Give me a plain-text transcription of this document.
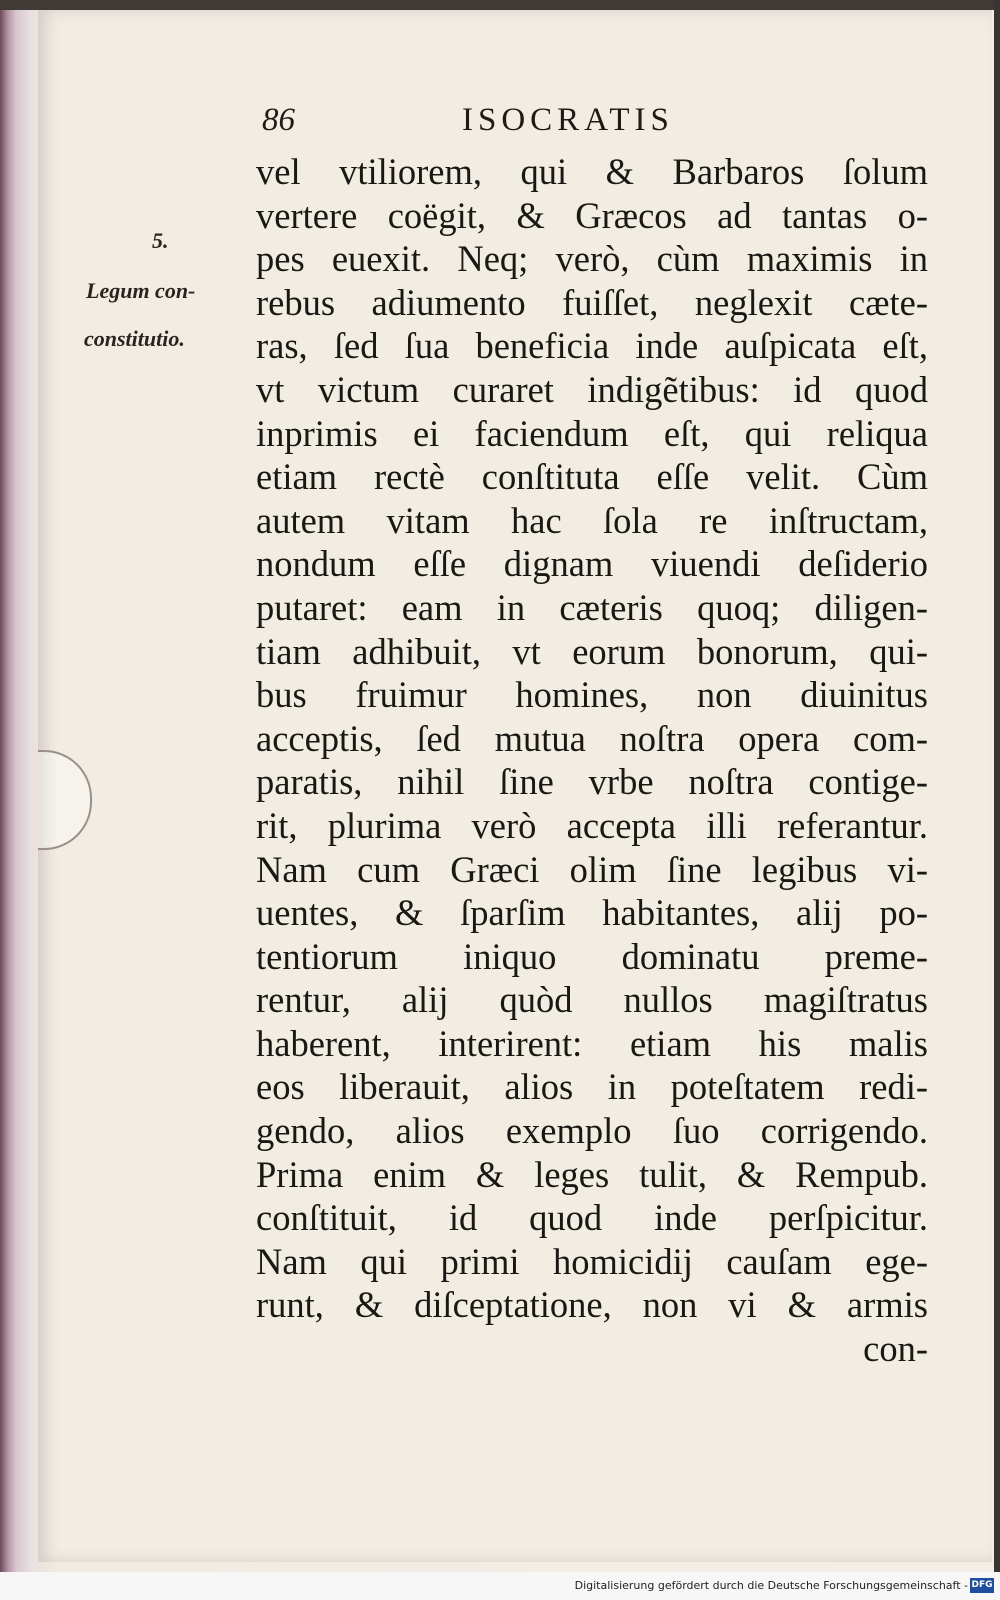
86	ISOCRATIS
5.
Legum con-
constitutio.
vel vtiliorem, qui & Barbaros ſolum
vertere coëgit, & Græcos ad tantas o-
pes euexit. Neq; verò, cùm maximis in
rebus adiumento fuiſſet, neglexit cæte-
ras, ſed ſua beneficia inde auſpicata eſt,
vt victum curaret indigẽtibus: id quod
inprimis ei faciendum eſt, qui reliqua
etiam rectè conſtituta eſſe velit. Cùm
autem vitam hac ſola re inſtructam,
nondum eſſe dignam viuendi deſiderio
putaret: eam in cæteris quoq; diligen-
tiam adhibuit, vt eorum bonorum, qui-
bus fruimur homines, non diuinitus
acceptis, ſed mutua noſtra opera com-
paratis, nihil ſine vrbe noſtra contige-
rit, plurima verò accepta illi referantur.
Nam cum Græci olim ſine legibus vi-
uentes, & ſparſim habitantes, alij po-
tentiorum iniquo dominatu preme-
rentur, alij quòd nullos magiſtratus
haberent, interirent: etiam his malis
eos liberauit, alios in poteſtatem redi-
gendo, alios exemplo ſuo corrigendo.
Prima enim & leges tulit, & Rempub.
conſtituit, id quod inde perſpicitur.
Nam qui primi homicidij cauſam ege-
runt, & diſceptatione, non vi & armis
con-
Digitalisierung gefördert durch die Deutsche Forschungsgemeinschaft - DFG
